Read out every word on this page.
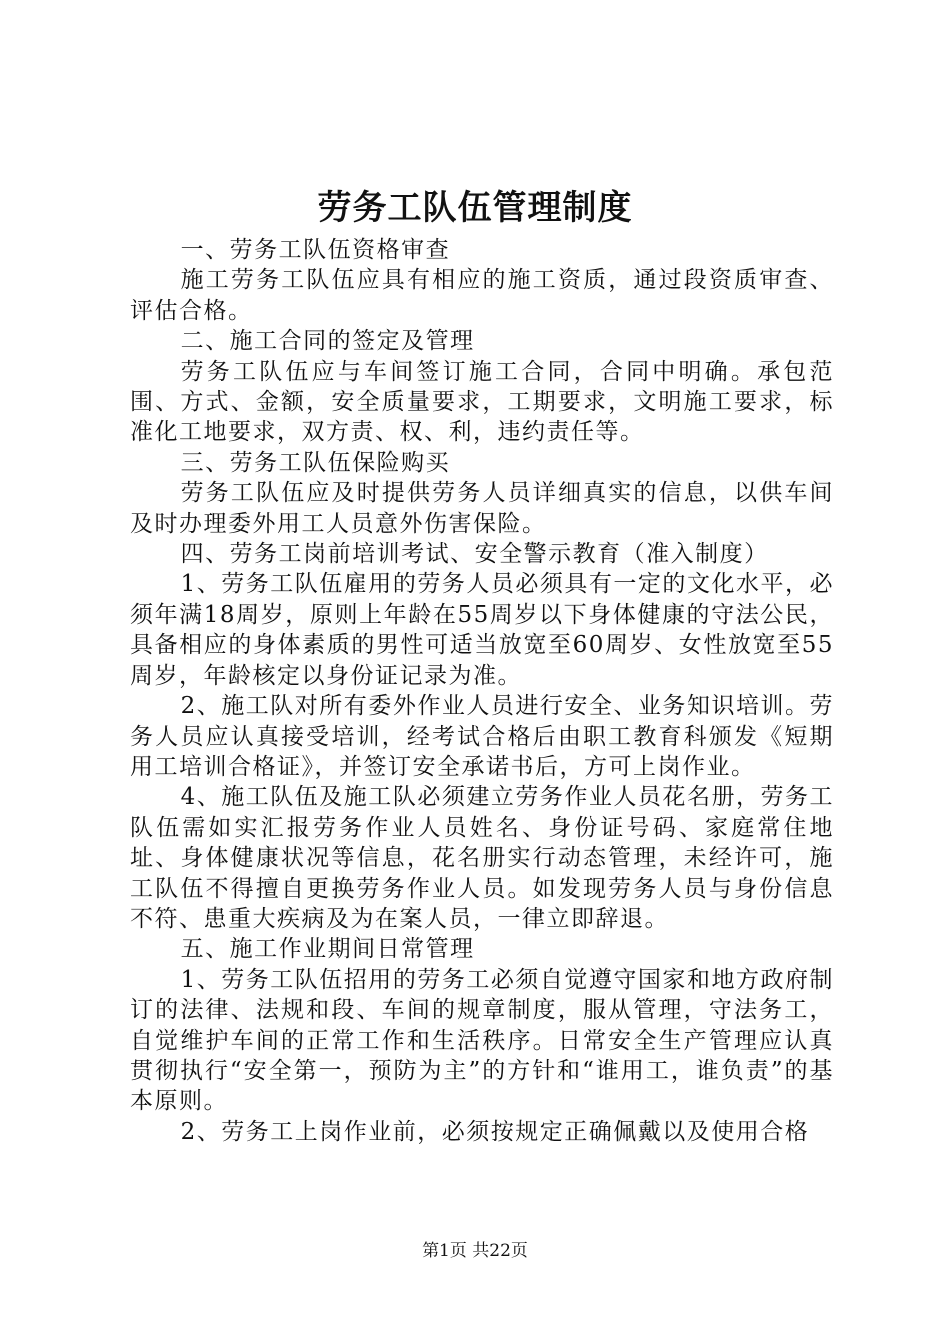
劳务工队伍管理制度

一、劳务工队伍资格审查

施工劳务工队伍应具有相应的施工资质，通过段资质审查、评估合格。

二、施工合同的签定及管理

劳务工队伍应与车间签订施工合同，合同中明确。承包范围、方式、金额，安全质量要求，工期要求，文明施工要求，标准化工地要求，双方责、权、利，违约责任等。

三、劳务工队伍保险购买

劳务工队伍应及时提供劳务人员详细真实的信息，以供车间及时办理委外用工人员意外伤害保险。

四、劳务工岗前培训考试、安全警示教育（准入制度）

1、劳务工队伍雇用的劳务人员必须具有一定的文化水平，必须年满18周岁，原则上年龄在55周岁以下身体健康的守法公民，具备相应的身体素质的男性可适当放宽至60周岁、女性放宽至55周岁，年龄核定以身份证记录为准。

2、施工队对所有委外作业人员进行安全、业务知识培训。劳务人员应认真接受培训，经考试合格后由职工教育科颁发《短期用工培训合格证》，并签订安全承诺书后，方可上岗作业。

4、施工队伍及施工队必须建立劳务作业人员花名册，劳务工队伍需如实汇报劳务作业人员姓名、身份证号码、家庭常住地址、身体健康状况等信息，花名册实行动态管理，未经许可，施工队伍不得擅自更换劳务作业人员。如发现劳务人员与身份信息不符、患重大疾病及为在案人员，一律立即辞退。

五、施工作业期间日常管理

1、劳务工队伍招用的劳务工必须自觉遵守国家和地方政府制订的法律、法规和段、车间的规章制度，服从管理，守法务工，自觉维护车间的正常工作和生活秩序。日常安全生产管理应认真贯彻执行“安全第一，预防为主”的方针和“谁用工，谁负责”的基本原则。

2、劳务工上岗作业前，必须按规定正确佩戴以及使用合格

第1页 共22页
